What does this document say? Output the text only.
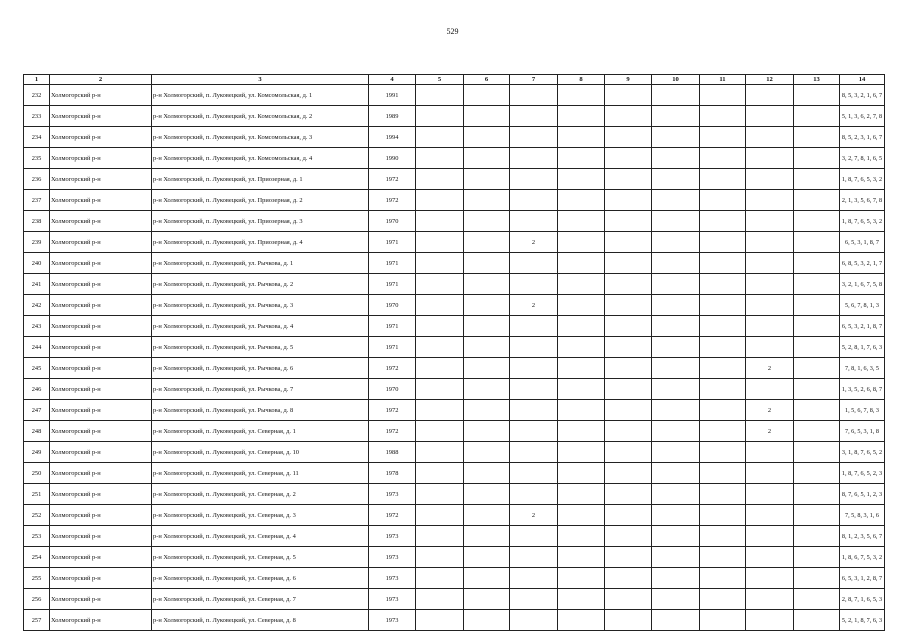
529
1	2	3	4	5	6	7	8	9	10	11	12	13	14
232	Холмогорский р-н	р-н Холмогорский, п. Луковецкий, ул. Комсомольская, д. 1	1991										8, 5, 3, 2, 1, 6, 7
233	Холмогорский р-н	р-н Холмогорский, п. Луковецкий, ул. Комсомольская, д. 2	1989										5, 1, 3, 6, 2, 7, 8
234	Холмогорский р-н	р-н Холмогорский, п. Луковецкий, ул. Комсомольская, д. 3	1994										8, 5, 2, 3, 1, 6, 7
235	Холмогорский р-н	р-н Холмогорский, п. Луковецкий, ул. Комсомольская, д. 4	1990										3, 2, 7, 8, 1, 6, 5
236	Холмогорский р-н	р-н Холмогорский, п. Луковецкий, ул. Приозерная, д. 1	1972										1, 8, 7, 6, 5, 3, 2
237	Холмогорский р-н	р-н Холмогорский, п. Луковецкий, ул. Приозерная, д. 2	1972										2, 1, 3, 5, 6, 7, 8
238	Холмогорский р-н	р-н Холмогорский, п. Луковецкий, ул. Приозерная, д. 3	1970										1, 8, 7, 6, 5, 3, 2
239	Холмогорский р-н	р-н Холмогорский, п. Луковецкий, ул. Приозерная, д. 4	1971			2							6, 5, 3, 1, 8, 7
240	Холмогорский р-н	р-н Холмогорский, п. Луковецкий, ул. Рычкова, д. 1	1971										6, 8, 5, 3, 2, 1, 7
241	Холмогорский р-н	р-н Холмогорский, п. Луковецкий, ул. Рычкова, д. 2	1971										3, 2, 1, 6, 7, 5, 8
242	Холмогорский р-н	р-н Холмогорский, п. Луковецкий, ул. Рычкова, д. 3	1970			2							5, 6, 7, 8, 1, 3
243	Холмогорский р-н	р-н Холмогорский, п. Луковецкий, ул. Рычкова, д. 4	1971										6, 5, 3, 2, 1, 8, 7
244	Холмогорский р-н	р-н Холмогорский, п. Луковецкий, ул. Рычкова, д. 5	1971										5, 2, 8, 1, 7, 6, 3
245	Холмогорский р-н	р-н Холмогорский, п. Луковецкий, ул. Рычкова, д. 6	1972								2		7, 8, 1, 6, 3, 5
246	Холмогорский р-н	р-н Холмогорский, п. Луковецкий, ул. Рычкова, д. 7	1970										1, 3, 5, 2, 6, 8, 7
247	Холмогорский р-н	р-н Холмогорский, п. Луковецкий, ул. Рычкова, д. 8	1972								2		1, 5, 6, 7, 8, 3
248	Холмогорский р-н	р-н Холмогорский, п. Луковецкий, ул. Северная, д. 1	1972								2		7, 6, 5, 3, 1, 8
249	Холмогорский р-н	р-н Холмогорский, п. Луковецкий, ул. Северная, д. 10	1988										3, 1, 8, 7, 6, 5, 2
250	Холмогорский р-н	р-н Холмогорский, п. Луковецкий, ул. Северная, д. 11	1978										1, 8, 7, 6, 5, 2, 3
251	Холмогорский р-н	р-н Холмогорский, п. Луковецкий, ул. Северная, д. 2	1973										8, 7, 6, 5, 1, 2, 3
252	Холмогорский р-н	р-н Холмогорский, п. Луковецкий, ул. Северная, д. 3	1972			2							7, 5, 8, 3, 1, 6
253	Холмогорский р-н	р-н Холмогорский, п. Луковецкий, ул. Северная, д. 4	1973										8, 1, 2, 3, 5, 6, 7
254	Холмогорский р-н	р-н Холмогорский, п. Луковецкий, ул. Северная, д. 5	1973										1, 8, 6, 7, 5, 3, 2
255	Холмогорский р-н	р-н Холмогорский, п. Луковецкий, ул. Северная, д. 6	1973										6, 5, 3, 1, 2, 8, 7
256	Холмогорский р-н	р-н Холмогорский, п. Луковецкий, ул. Северная, д. 7	1973										2, 8, 7, 1, 6, 5, 3
257	Холмогорский р-н	р-н Холмогорский, п. Луковецкий, ул. Северная, д. 8	1973										5, 2, 1, 8, 7, 6, 3
